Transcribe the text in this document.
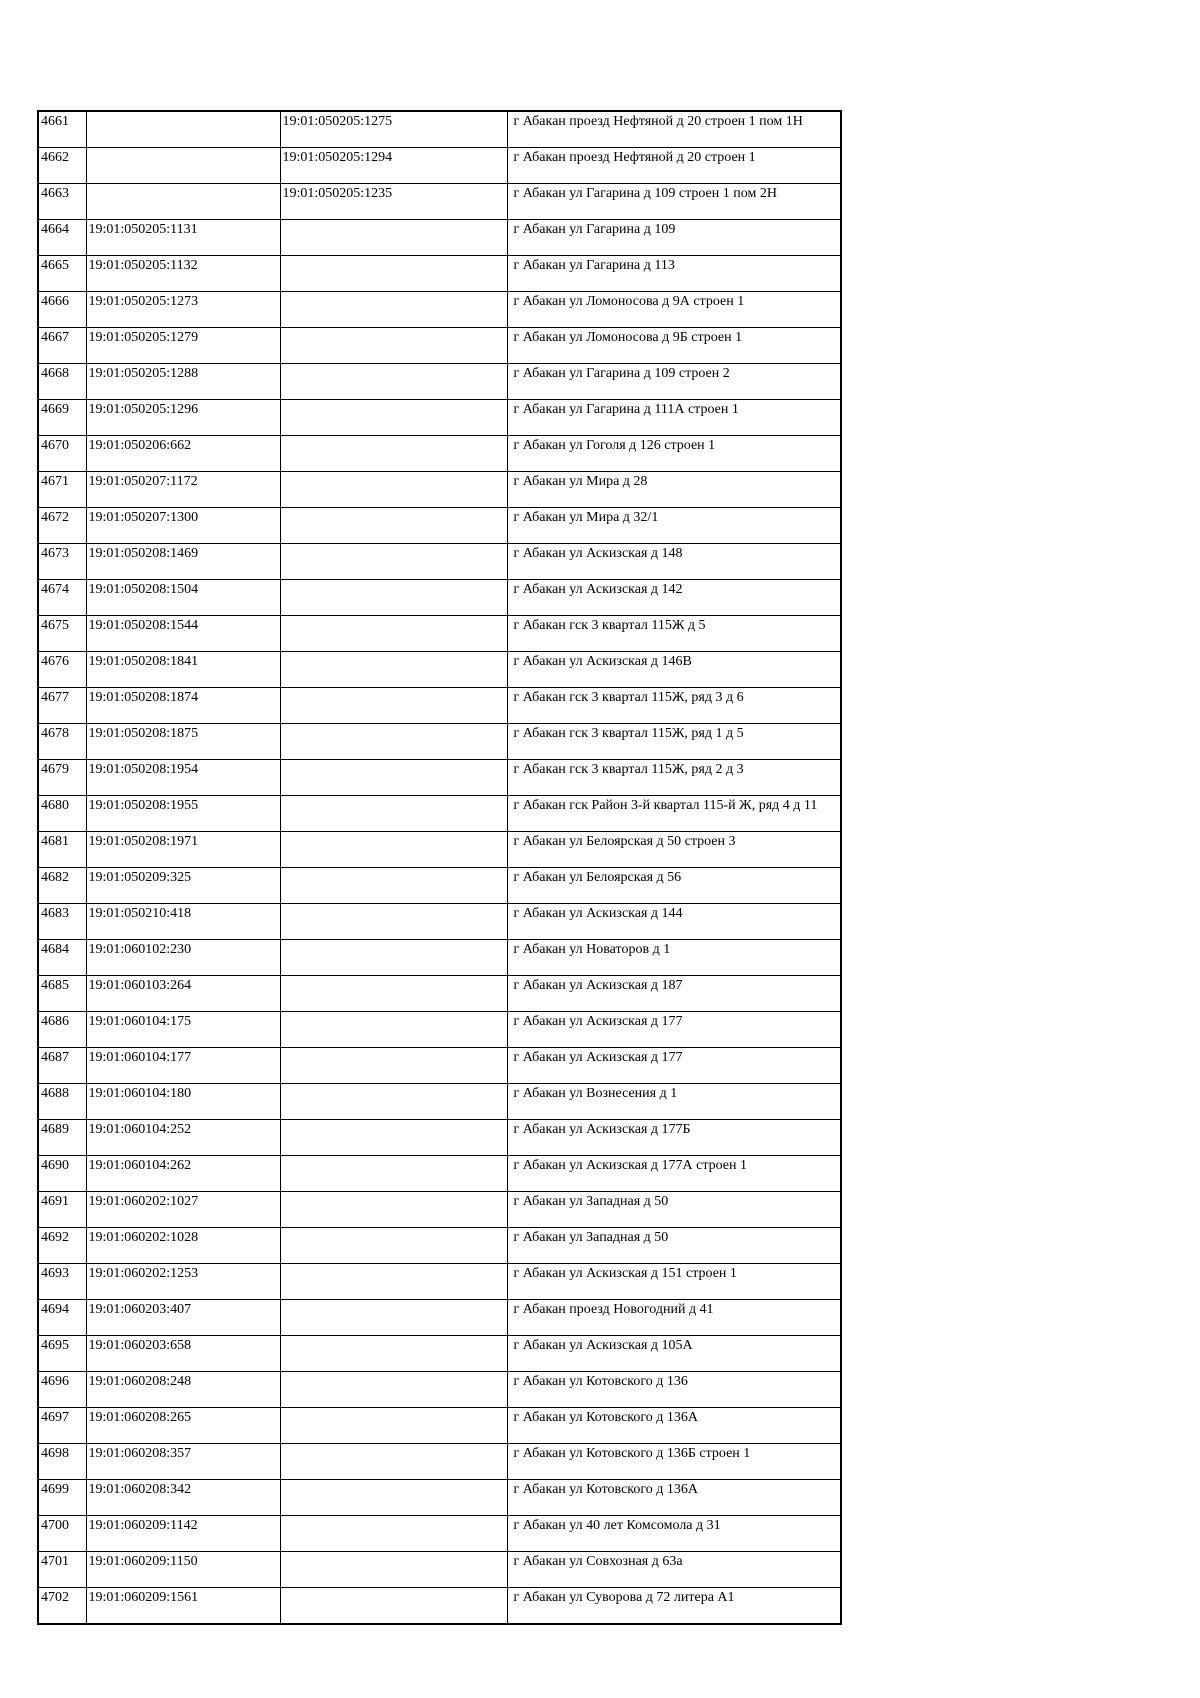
4661		19:01:050205:1275	г Абакан проезд Нефтяной д 20 строен 1 пом 1Н
4662		19:01:050205:1294	г Абакан проезд Нефтяной д 20 строен 1
4663		19:01:050205:1235	г Абакан ул Гагарина д 109 строен 1 пом 2Н
4664	19:01:050205:1131		г Абакан ул Гагарина д 109
4665	19:01:050205:1132		г Абакан ул Гагарина д 113
4666	19:01:050205:1273		г Абакан ул Ломоносова д 9А строен 1
4667	19:01:050205:1279		г Абакан ул Ломоносова д 9Б строен 1
4668	19:01:050205:1288		г Абакан ул Гагарина д 109 строен 2
4669	19:01:050205:1296		г Абакан ул Гагарина д 111А строен 1
4670	19:01:050206:662		г Абакан ул Гоголя д 126 строен 1
4671	19:01:050207:1172		г Абакан ул Мира д 28
4672	19:01:050207:1300		г Абакан ул Мира д 32/1
4673	19:01:050208:1469		г Абакан ул Аскизская д 148
4674	19:01:050208:1504		г Абакан ул Аскизская д 142
4675	19:01:050208:1544		г Абакан гск 3 квартал 115Ж д 5
4676	19:01:050208:1841		г Абакан ул Аскизская д 146В
4677	19:01:050208:1874		г Абакан гск 3 квартал 115Ж, ряд 3 д 6
4678	19:01:050208:1875		г Абакан гск 3 квартал 115Ж, ряд 1 д 5
4679	19:01:050208:1954		г Абакан гск 3 квартал 115Ж, ряд 2 д 3
4680	19:01:050208:1955		г Абакан гск Район 3-й квартал 115-й Ж, ряд 4 д 11
4681	19:01:050208:1971		г Абакан ул Белоярская д 50 строен 3
4682	19:01:050209:325		г Абакан ул Белоярская д 56
4683	19:01:050210:418		г Абакан ул Аскизская д 144
4684	19:01:060102:230		г Абакан ул Новаторов д 1
4685	19:01:060103:264		г Абакан ул Аскизская д 187
4686	19:01:060104:175		г Абакан ул Аскизская д 177
4687	19:01:060104:177		г Абакан ул Аскизская д 177
4688	19:01:060104:180		г Абакан ул Вознесения д 1
4689	19:01:060104:252		г Абакан ул Аскизская д 177Б
4690	19:01:060104:262		г Абакан ул Аскизская д 177А строен 1
4691	19:01:060202:1027		г Абакан ул Западная д 50
4692	19:01:060202:1028		г Абакан ул Западная д 50
4693	19:01:060202:1253		г Абакан ул Аскизская д 151 строен 1
4694	19:01:060203:407		г Абакан проезд Новогодний д 41
4695	19:01:060203:658		г Абакан ул Аскизская д 105А
4696	19:01:060208:248		г Абакан ул Котовского д 136
4697	19:01:060208:265		г Абакан ул Котовского д 136А
4698	19:01:060208:357		г Абакан ул Котовского д 136Б строен 1
4699	19:01:060208:342		г Абакан ул Котовского д 136А
4700	19:01:060209:1142		г Абакан ул 40 лет Комсомола д 31
4701	19:01:060209:1150		г Абакан ул Совхозная д 63а
4702	19:01:060209:1561		г Абакан ул Суворова д 72 литера А1
